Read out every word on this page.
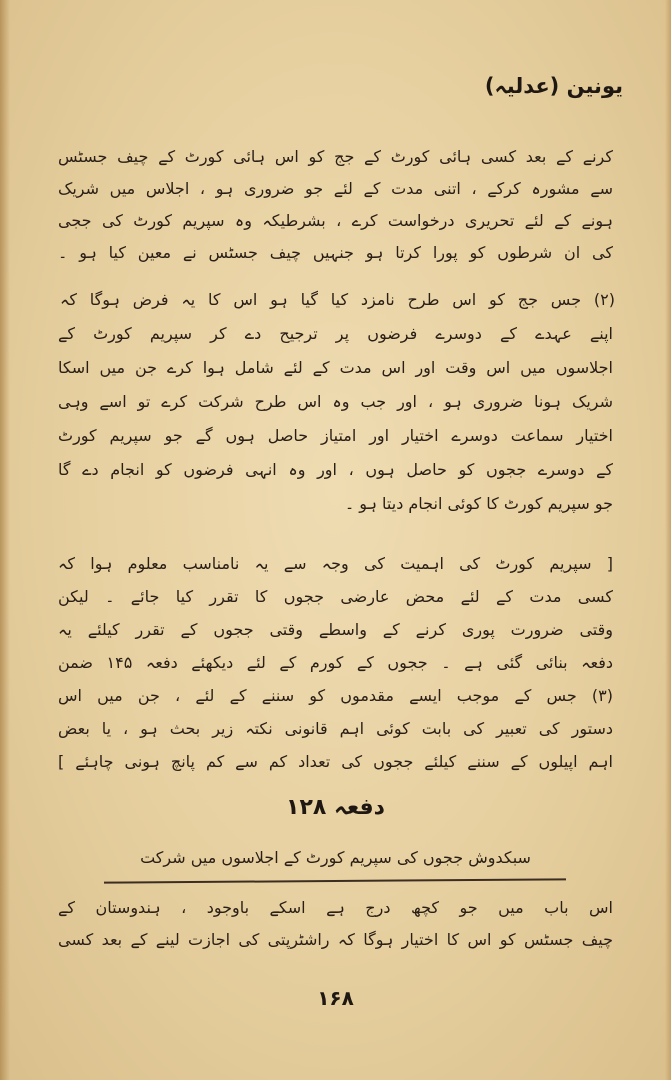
یونین (عدلیہ)
کرنے کے بعد کسی ہائی کورٹ کے جج کو اس ہائی کورٹ کے چیف جسٹس
سے مشورہ کرکے ، اتنی مدت کے لئے جو ضروری ہو ، اجلاس میں شریک
ہونے کے لئے تحریری درخواست کرے ، بشرطیکہ وہ سپریم کورٹ کی ججی
کی ان شرطوں کو پورا کرتا ہو جنہیں چیف جسٹس نے معین کیا ہو ۔
(۲) جس جج کو اس طرح نامزد کیا گیا ہو اس کا یہ فرض ہوگا کہ
اپنے عہدے کے دوسرے فرضوں پر ترجیح دے کر سپریم کورٹ کے
اجلاسوں میں اس وقت اور اس مدت کے لئے شامل ہوا کرے جن میں اسکا
شریک ہونا ضروری ہو ، اور جب وہ اس طرح شرکت کرے تو اسے وہی
اختیار سماعت دوسرے اختیار اور امتیاز حاصل ہوں گے جو سپریم کورٹ
کے دوسرے ججوں کو حاصل ہوں ، اور وہ انہی فرضوں کو انجام دے گا
جو سپریم کورٹ کا کوئی انجام دیتا ہو ۔
[ سپریم کورٹ کی اہمیت کی وجہ سے یہ نامناسب معلوم ہوا کہ
کسی مدت کے لئے محض عارضی ججوں کا تقرر کیا جائے ۔ لیکن
وقتی ضرورت پوری کرنے کے واسطے وقتی ججوں کے تقرر کیلئے یہ
دفعہ بنائی گئی ہے ۔ ججوں کے کورم کے لئے دیکھئے دفعہ ۱۴۵ ضمن
(۳) جس کے موجب ایسے مقدموں کو سننے کے لئے ، جن میں اس
دستور کی تعبیر کی بابت کوئی اہم قانونی نکتہ زیر بحث ہو ، یا بعض
اہم اپیلوں کے سننے کیلئے ججوں کی تعداد کم سے کم پانچ ہونی چاہئے ]
دفعہ ۱۲۸
سبکدوش ججوں کی سپریم کورٹ کے اجلاسوں میں شرکت
اس باب میں جو کچھ درج ہے اسکے باوجود ، ہندوستان کے
چیف جسٹس کو اس کا اختیار ہوگا کہ راشٹرپتی کی اجازت لینے کے بعد کسی
۱۶۸
